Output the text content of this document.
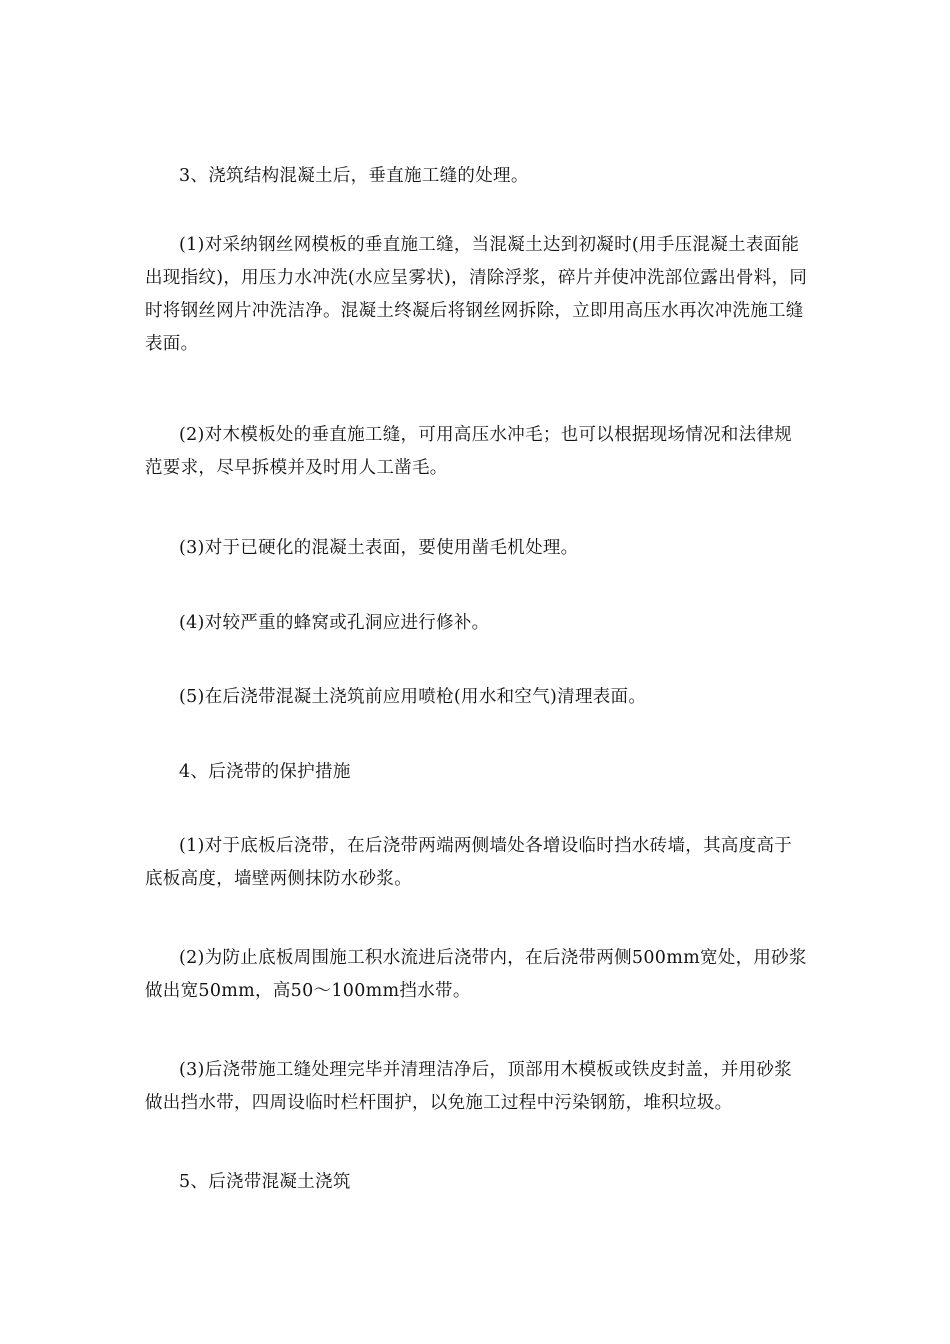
3、浇筑结构混凝土后，垂直施工缝的处理。

(1)对采纳钢丝网模板的垂直施工缝，当混凝土达到初凝时(用手压混凝土表面能出现指纹)，用压力水冲洗(水应呈雾状)，清除浮浆，碎片并使冲洗部位露出骨料，同时将钢丝网片冲洗洁净。混凝土终凝后将钢丝网拆除，立即用高压水再次冲洗施工缝表面。

(2)对木模板处的垂直施工缝，可用高压水冲毛；也可以根据现场情况和法律规范要求，尽早拆模并及时用人工凿毛。

(3)对于已硬化的混凝土表面，要使用凿毛机处理。

(4)对较严重的蜂窝或孔洞应进行修补。

(5)在后浇带混凝土浇筑前应用喷枪(用水和空气)清理表面。

4、后浇带的保护措施

(1)对于底板后浇带，在后浇带两端两侧墙处各增设临时挡水砖墙，其高度高于底板高度，墙壁两侧抹防水砂浆。

(2)为防止底板周围施工积水流进后浇带内，在后浇带两侧500mm宽处，用砂浆做出宽50mm，高50～100mm挡水带。

(3)后浇带施工缝处理完毕并清理洁净后，顶部用木模板或铁皮封盖，并用砂浆做出挡水带，四周设临时栏杆围护，以免施工过程中污染钢筋，堆积垃圾。

5、后浇带混凝土浇筑
